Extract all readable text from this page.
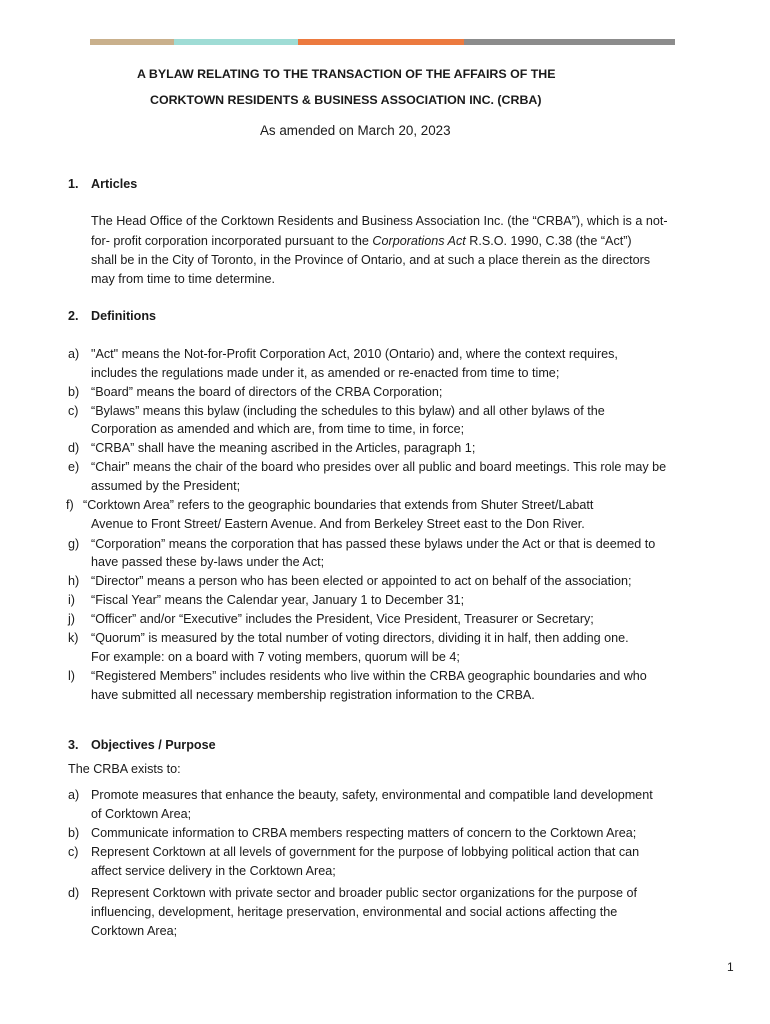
A BYLAW RELATING TO THE TRANSACTION OF THE AFFAIRS OF THE
CORKTOWN RESIDENTS & BUSINESS ASSOCIATION INC. (CRBA)
As amended on March 20, 2023
1. Articles
The Head Office of the Corktown Residents and Business Association Inc. (the “CRBA”), which is a not-
for- profit corporation incorporated pursuant to the Corporations Act R.S.O. 1990, C.38 (the “Act”)
shall be in the City of Toronto, in the Province of Ontario, and at such a place therein as the directors
may from time to time determine.
2. Definitions
a) "Act" means the Not-for-Profit Corporation Act, 2010 (Ontario) and, where the context requires,
includes the regulations made under it, as amended or re-enacted from time to time;
b) “Board” means the board of directors of the CRBA Corporation;
c) “Bylaws” means this bylaw (including the schedules to this bylaw) and all other bylaws of the
Corporation as amended and which are, from time to time, in force;
d) “CRBA” shall have the meaning ascribed in the Articles, paragraph 1;
e) “Chair” means the chair of the board who presides over all public and board meetings. This role may be
assumed by the President;
f) “Corktown Area” refers to the geographic boundaries that extends from Shuter Street/Labatt
Avenue to Front Street/ Eastern Avenue. And from Berkeley Street east to the Don River.
g) “Corporation” means the corporation that has passed these bylaws under the Act or that is deemed to
have passed these by-laws under the Act;
h) “Director” means a person who has been elected or appointed to act on behalf of the association;
i) “Fiscal Year” means the Calendar year, January 1 to December 31;
j) “Officer” and/or “Executive” includes the President, Vice President, Treasurer or Secretary;
k) “Quorum” is measured by the total number of voting directors, dividing it in half, then adding one.
For example: on a board with 7 voting members, quorum will be 4;
l) “Registered Members” includes residents who live within the CRBA geographic boundaries and who
have submitted all necessary membership registration information to the CRBA.
3. Objectives / Purpose
The CRBA exists to:
a) Promote measures that enhance the beauty, safety, environmental and compatible land development
of Corktown Area;
b) Communicate information to CRBA members respecting matters of concern to the Corktown Area;
c) Represent Corktown at all levels of government for the purpose of lobbying political action that can
affect service delivery in the Corktown Area;
d) Represent Corktown with private sector and broader public sector organizations for the purpose of
influencing, development, heritage preservation, environmental and social actions affecting the
Corktown Area;
1
